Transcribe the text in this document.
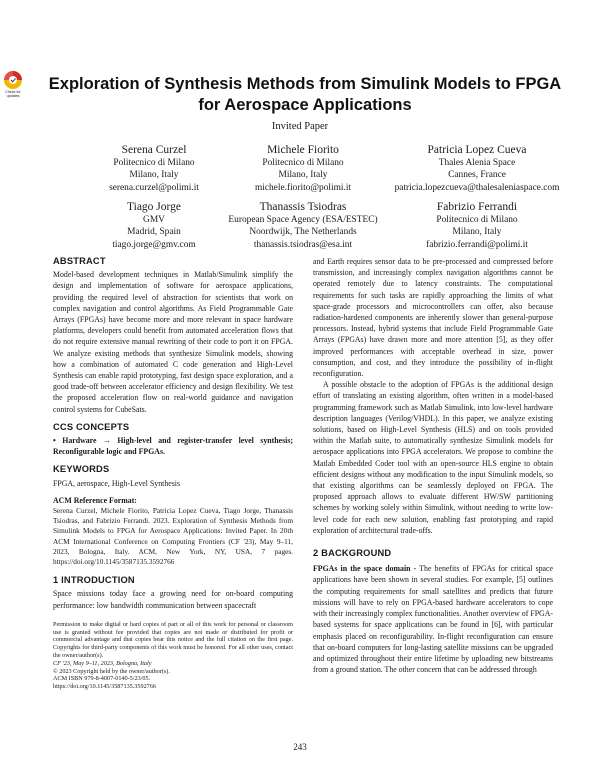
Check for updates
Exploration of Synthesis Methods from Simulink Models to FPGA for Aerospace Applications
Invited Paper
Serena Curzel
Politecnico di Milano
Milano, Italy
serena.curzel@polimi.it
Michele Fiorito
Politecnico di Milano
Milano, Italy
michele.fiorito@polimi.it
Patricia Lopez Cueva
Thales Alenia Space
Cannes, France
patricia.lopezcueva@thalesaleniaspace.com
Tiago Jorge
GMV
Madrid, Spain
tiago.jorge@gmv.com
Thanassis Tsiodras
European Space Agency (ESA/ESTEC)
Noordwijk, The Netherlands
thanassis.tsiodras@esa.int
Fabrizio Ferrandi
Politecnico di Milano
Milano, Italy
fabrizio.ferrandi@polimi.it
ABSTRACT

Model-based development techniques in Matlab/Simulink simplify the design and implementation of software for aerospace applications, providing the required level of abstraction for scientists that work on complex navigation and control algorithms. As Field Programmable Gate Arrays (FPGAs) have become more and more relevant in space hardware platforms, developers could benefit from automated acceleration flows that do not require extensive manual rewriting of their code to port it on FPGA. We analyze existing methods that synthesize Simulink models, showing how a combination of automated C code generation and High-Level Synthesis can enable rapid prototyping, fast design space exploration, and a good trade-off between accelerator efficiency and design flexibility. We test the proposed acceleration flow on real-world guidance and navigation control systems for CubeSats.

CCS CONCEPTS

• Hardware → High-level and register-transfer level synthesis; Reconfigurable logic and FPGAs.

KEYWORDS

FPGA, aerospace, High-Level Synthesis

ACM Reference Format:

Serena Curzel, Michele Fiorito, Patricia Lopez Cueva, Tiago Jorge, Thanassis Tsiodras, and Fabrizio Ferrandi. 2023. Exploration of Synthesis Methods from Simulink Models to FPGA for Aerospace Applications: Invited Paper. In 20th ACM International Conference on Computing Frontiers (CF '23), May 9–11, 2023, Bologna, Italy. ACM, New York, NY, USA, 7 pages. https://doi.org/10.1145/3587135.3592766

1 INTRODUCTION

Space missions today face a growing need for on-board computing performance: low bandwidth communication between spacecraft

Permission to make digital or hard copies of part or all of this work for personal or classroom use is granted without fee provided that copies are not made or distributed for profit or commercial advantage and that copies bear this notice and the full citation on the first page. Copyrights for third-party components of this work must be honored. For all other uses, contact the owner/author(s).

CF '23, May 9–11, 2023, Bologna, Italy

© 2023 Copyright held by the owner/author(s).

ACM ISBN 979-8-4007-0140-5/23/05.

https://doi.org/10.1145/3587135.3592766

and Earth requires sensor data to be pre-processed and compressed before transmission, and increasingly complex navigation algorithms cannot be operated remotely due to latency constraints. The computational requirements for such tasks are rapidly approaching the limits of what space-grade processors and microcontrollers can offer, also because radiation-hardened components are inherently slower than general-purpose processors. Instead, hybrid systems that include Field Programmable Gate Arrays (FPGAs) have drawn more and more attention [5], as they offer improved performances with acceptable overhead in size, power consumption, and cost, and they introduce the possibility of in-flight reconfiguration.

A possible obstacle to the adoption of FPGAs is the additional design effort of translating an existing algorithm, often written in a model-based programming framework such as Matlab Simulink, into low-level hardware description languages (Verilog/VHDL). In this paper, we analyze existing solutions, based on High-Level Synthesis (HLS) and on tools provided within the Matlab suite, to automatically synthesize Simulink models for aerospace applications into FPGA accelerators. We propose to combine the Matlab Embedded Coder tool with an open-source HLS engine to obtain efficient designs without any modification to the input Simulink models, so that existing algorithms can be seamlessly deployed on FPGA. The proposed approach allows to evaluate different HW/SW partitioning schemes by working solely within Simulink, without needing to write low-level code for each new solution, enabling fast prototyping and rapid exploration of architectural trade-offs.

2 BACKGROUND

FPGAs in the space domain - The benefits of FPGAs for critical space applications have been shown in several studies. For example, [5] outlines the computing requirements for small satellites and predicts that future missions will have to rely on FPGA-based hardware accelerators to cope with their increasingly complex functionalities. Another overview of FPGA-based systems for space applications can be found in [6], with particular emphasis placed on reconfigurability. In-flight reconfiguration can ensure that on-board computers for long-lasting satellite missions can be upgraded and optimized throughout their entire lifetime by uploading new bitstreams from a ground station. The other concern that can be addressed through

243
